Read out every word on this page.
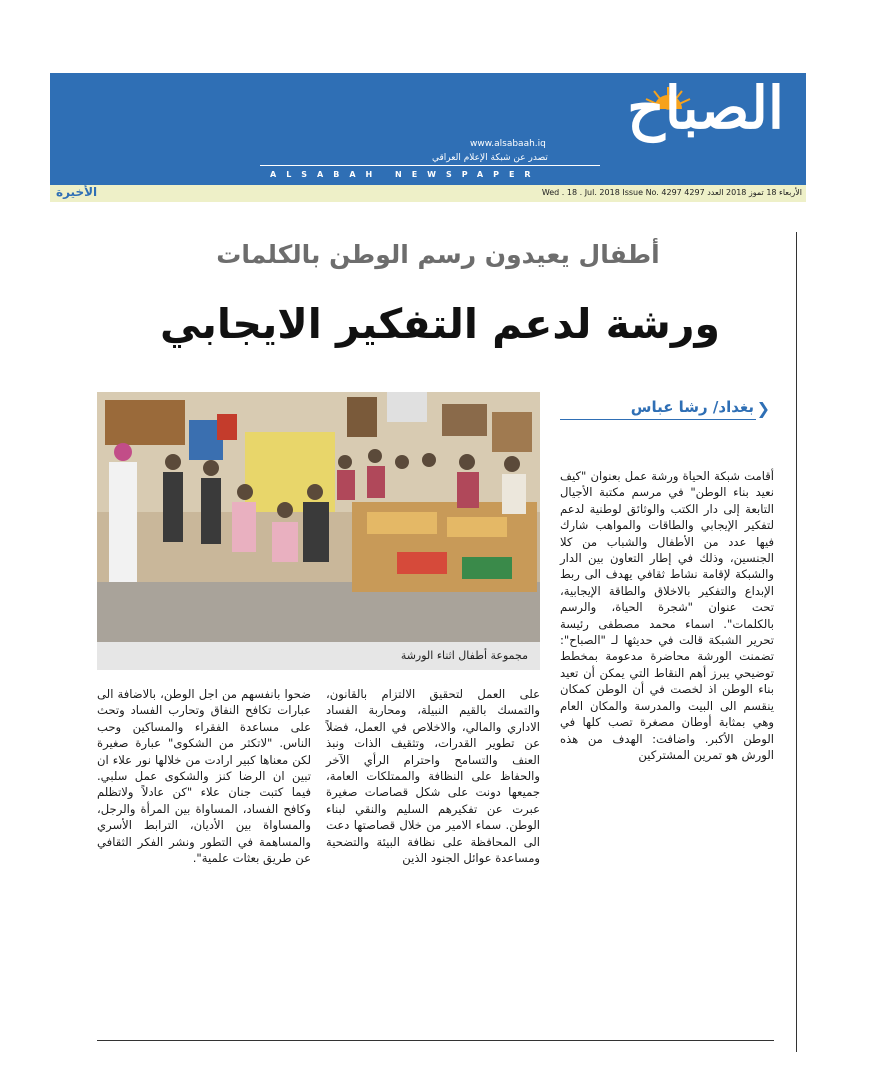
الصباح
www.alsabaah.iq
تصدر عن شبكة الإعلام العراقي
ALSABAH NEWSPAPER
الأخيرة	الأربعاء 18 تموز 2018 العدد 4297 Wed . 18 . Jul. 2018 Issue No. 4297
أطفال يعيدون رسم الوطن بالكلمات
ورشة لدعم التفكير الايجابي
❮
بغداد/ رشا عباس
مجموعة أطفال اثناء الورشة

أقامت شبكة الحياة ورشة عمل بعنوان "كيف نعيد بناء الوطن" في مرسم مكتبة الأجيال التابعة إلى دار الكتب والوثائق لوطنية لدعم لتفكير الإيجابي والطاقات والمواهب شارك فيها عدد من الأطفال والشباب من كلا الجنسين، وذلك في إطار التعاون بين الدار والشبكة لإقامة نشاط ثقافي يهدف الى ربط الإبداع والتفكير بالاخلاق والطاقة الإيجابية، تحت عنوان "شجرة الحياة، والرسم بالكلمات". اسماء محمد مصطفى رئيسة تحرير الشبكة قالت في حديثها لـ "الصباح": تضمنت الورشة محاضرة مدعومة بمخطط توضيحي يبرز أهم النقاط التي يمكن أن تعيد بناء الوطن اذ لخصت في أن الوطن كمكان ينقسم الى البيت والمدرسة والمكان العام وهي بمثابة أوطان مصغرة تصب كلها في الوطن الأكبر. واضافت: الهدف من هذه الورش هو تمرين المشتركين

على العمل لتحقيق الالتزام بالقانون، والتمسك بالقيم النبيلة، ومحاربة الفساد الاداري والمالي، والاخلاص في العمل، فضلاً عن تطوير القدرات، وتثقيف الذات ونبذ العنف والتسامح واحترام الرأي الآخر والحفاظ على النظافة والممتلكات العامة، جميعها دونت على شكل قصاصات صغيرة عبرت عن تفكيرهم السليم والنقي لبناء الوطن. سماء الامير من خلال قصاصتها دعت الى المحافظة على نظافة البيئة والتضحية ومساعدة عوائل الجنود الذين

ضحوا بانفسهم من اجل الوطن، بالاضافة الى عبارات تكافح النفاق وتحارب الفساد وتحث على مساعدة الفقراء والمساكين وحب الناس. "لاتكثر من الشكوى" عبارة صغيرة لكن معناها كبير ارادت من خلالها نور علاء ان تبين ان الرضا كنز والشكوى عمل سلبي. فيما كتبت جنان علاء "كن عادلاً ولاتظلم وكافح الفساد، المساواة بين المرأة والرجل، والمساواة بين الأديان، الترابط الأسري والمساهمة في التطور ونشر الفكر الثقافي عن طريق بعثات علمية".
